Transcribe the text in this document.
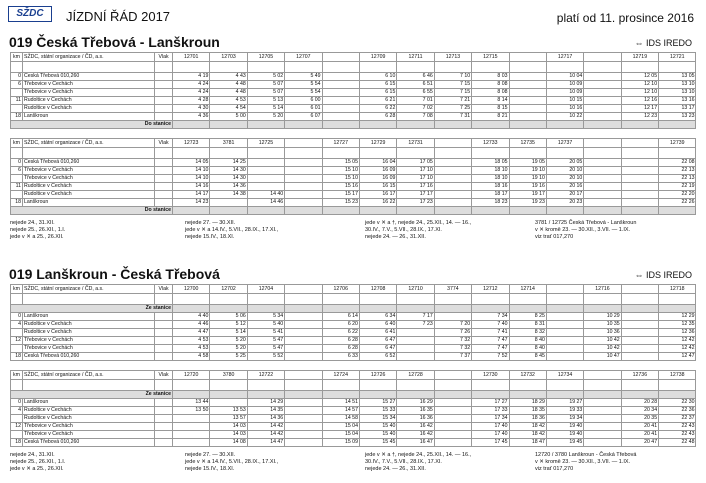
SŽDC	JÍZDNÍ ŘÁD 2017	platí od 11. prosince 2016
019 Česká Třebová - Lanškroun	⇔ IDS IREDO
km	SŽDC, státní organizace / ČD, a.s.	Vlak	12701	12703	12705	12707		12709	12711	12713	12715		12717		12719	12721

0	Česká Třebová 010,260		4 19	4 43	5 02	5 49		6 10	6 46	7 10	8 03		10 04		12 05	13 05
6	Třebovice v Čechách		4 24	4 48	5 07	5 54		6 15	6 51	7 15	8 08		10 09		12 10	13 10
	Třebovice v Čechách		4 24	4 48	5 07	5 54		6 15	6 55	7 15	8 08		10 09		12 10	13 10
11	Rudoltice v Čechách		4 28	4 53	5 13	6 00		6 21	7 01	7 21	8 14		10 15		12 16	13 16
	Rudoltice v Čechách		4 30	4 54	5 14	6 01		6 22	7 02	7 25	8 15		10 16		12 17	13 17
18	Lanškroun		4 36	5 00	5 20	6 07		6 28	7 08	7 31	8 21		10 22		12 23	13 23
Do stanice																
km	SŽDC, státní organizace / ČD, a.s.	Vlak	12723	3781	12725		12727	12729	12731		12733	12735	12737			12739

0	Česká Třebová 010,260		14 05	14 25			15 05	16 04	17 05		18 05	19 05	20 05			22 08
6	Třebovice v Čechách		14 10	14 30			15 10	16 09	17 10		18 10	19 10	20 10			22 13
	Třebovice v Čechách		14 10	14 30			15 10	16 09	17 10		18 10	19 10	20 10			22 13
11	Rudoltice v Čechách		14 16	14 36			15 16	16 15	17 16		18 16	19 16	20 16			22 19
	Rudoltice v Čechách		14 17	14 38	14 40		15 17	16 17	17 17		18 17	19 17	20 17			22 20
18	Lanškroun		14 23		14 46		15 23	16 22	17 23		18 23	19 23	20 23			22 26
Do stanice																
nejede 24., 31.XII.
nejede 25., 26.XII., 1.I.
jede v ✕ a 25., 26.XII.
nejede 27. — 30.XII.
jede v ✕ a 14.IV., 5.VII., 28.IX., 17.XI.,
nejede 15.IV., 18.XI.
jede v ✕ a †, nejede 24., 25.XII., 14. — 16.,
30.IV., 7.V., 5.VII., 28.IX., 17.XI.
nejede 24. — 26., 31.XII.
3781 / 12725 Česká Třebová - Lanškroun
v ✕ kromě 23. — 30.XII., 3.VII. — 1.IX.
viz trať 017,270
019 Lanškroun - Česká Třebová	⇔ IDS IREDO
km	SŽDC, státní organizace / ČD, a.s.	Vlak	12700	12702	12704		12706	12708	12710	3774	12712	12714		12716		12718

Ze stanice																
0	Lanškroun		4 40	5 06	5 34		6 14	6 34	7 17		7 34	8 25		10 29		12 29
4	Rudoltice v Čechách		4 46	5 12	5 40		6 20	6 40	7 23	7 20	7 40	8 31		10 35		12 35
	Rudoltice v Čechách		4 47	5 14	5 41		6 22	6 41		7 26	7 41	8 32		10 36		12 36
12	Třebovice v Čechách		4 53	5 20	5 47		6 28	6 47		7 32	7 47	8 40		10 42		12 42
	Třebovice v Čechách		4 53	5 20	5 47		6 28	6 47		7 32	7 47	8 40		10 42		12 42
18	Česká Třebová 010,260		4 58	5 25	5 52		6 33	6 52		7 37	7 52	8 45		10 47		12 47
km	SŽDC, státní organizace / ČD, a.s.	Vlak	12720	3780	12722		12724	12726	12728		12730	12732	12734		12736	12738

Ze stanice																
0	Lanškroun		13 44		14 29		14 51	15 27	16 29		17 27	18 29	19 27		20 28	22 30
4	Rudoltice v Čechách		13 50	13 53	14 35		14 57	15 33	16 35		17 33	18 35	19 33		20 34	22 36
	Rudoltice v Čechách			13 57	14 36		14 58	15 34	16 36		17 34	18 36	19 34		20 35	22 37
12	Třebovice v Čechách			14 03	14 42		15 04	15 40	16 42		17 40	18 42	19 40		20 41	22 43
	Třebovice v Čechách			14 03	14 42		15 04	15 40	16 42		17 40	18 42	19 40		20 41	22 43
18	Česká Třebová 010,260			14 08	14 47		15 09	15 45	16 47		17 45	18 47	19 45		20 47	22 48
nejede 24., 31.XII.
nejede 25., 26.XII., 1.I.
jede v ✕ a 25., 26.XII.
nejede 27. — 30.XII.
jede v ✕ a 14.IV., 5.VII., 28.IX., 17.XI.,
nejede 15.IV., 18.XI.
jede v ✕ a †, nejede 24., 25.XII., 14. — 16.,
30.IV., 7.V., 5.VII., 28.IX., 17.XI.
nejede 24. — 26., 31.XII.
12720 / 3780 Lanškroun - Česká Třebová
v ✕ kromě 23. — 30.XII., 3.VII. — 1.IX.
viz trať 017,270
